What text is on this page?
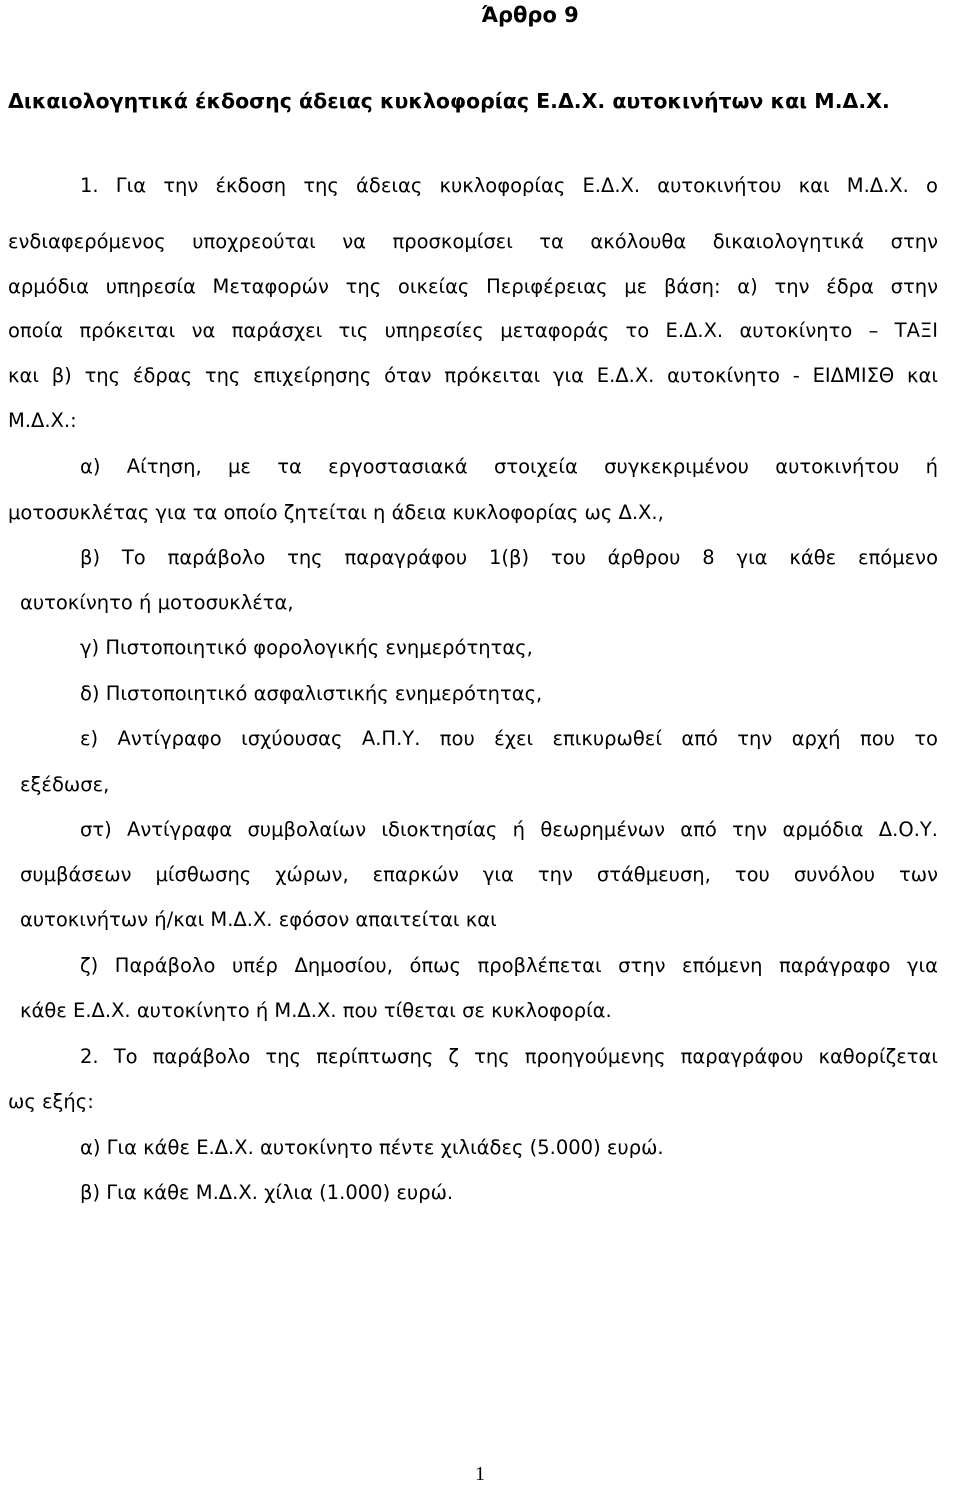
Άρθρο 9
Δικαιολογητικά έκδοσης άδειας κυκλοφορίας Ε.Δ.Χ. αυτοκινήτων και Μ.Δ.Χ.
1. Για την έκδοση της άδειας κυκλοφορίας Ε.Δ.Χ. αυτοκινήτου και Μ.Δ.Χ. ο
ενδιαφερόμενος υποχρεούται να προσκομίσει τα ακόλουθα δικαιολογητικά στην
αρμόδια υπηρεσία Μεταφορών της οικείας Περιφέρειας με βάση: α) την έδρα στην
οποία πρόκειται να παράσχει τις υπηρεσίες μεταφοράς το Ε.Δ.Χ. αυτοκίνητο – ΤΑΞΙ
και β) της έδρας της επιχείρησης όταν πρόκειται για Ε.Δ.Χ. αυτοκίνητο - ΕΙΔΜΙΣΘ και
Μ.Δ.Χ.:
α) Αίτηση, με τα εργοστασιακά στοιχεία συγκεκριμένου αυτοκινήτου ή
μοτοσυκλέτας για τα οποίο ζητείται η άδεια κυκλοφορίας ως Δ.Χ.,
β) Το παράβολο της παραγράφου 1(β) του άρθρου 8 για κάθε επόμενο
αυτοκίνητο ή μοτοσυκλέτα,
γ) Πιστοποιητικό φορολογικής ενημερότητας,
δ) Πιστοποιητικό ασφαλιστικής ενημερότητας,
ε) Αντίγραφο ισχύουσας Α.Π.Υ. που έχει επικυρωθεί από την αρχή που το
εξέδωσε,
στ) Αντίγραφα συμβολαίων ιδιοκτησίας ή θεωρημένων από την αρμόδια Δ.Ο.Υ.
συμβάσεων μίσθωσης χώρων, επαρκών για την στάθμευση, του συνόλου των
αυτοκινήτων ή/και Μ.Δ.Χ. εφόσον απαιτείται και
ζ) Παράβολο υπέρ Δημοσίου, όπως προβλέπεται στην επόμενη παράγραφο για
κάθε Ε.Δ.Χ. αυτοκίνητο ή Μ.Δ.Χ. που τίθεται σε κυκλοφορία.
2. Το παράβολο της περίπτωσης ζ της προηγούμενης παραγράφου καθορίζεται
ως εξής:
α) Για κάθε Ε.Δ.Χ. αυτοκίνητο πέντε χιλιάδες (5.000) ευρώ.
β) Για κάθε Μ.Δ.Χ. χίλια (1.000) ευρώ.
1
